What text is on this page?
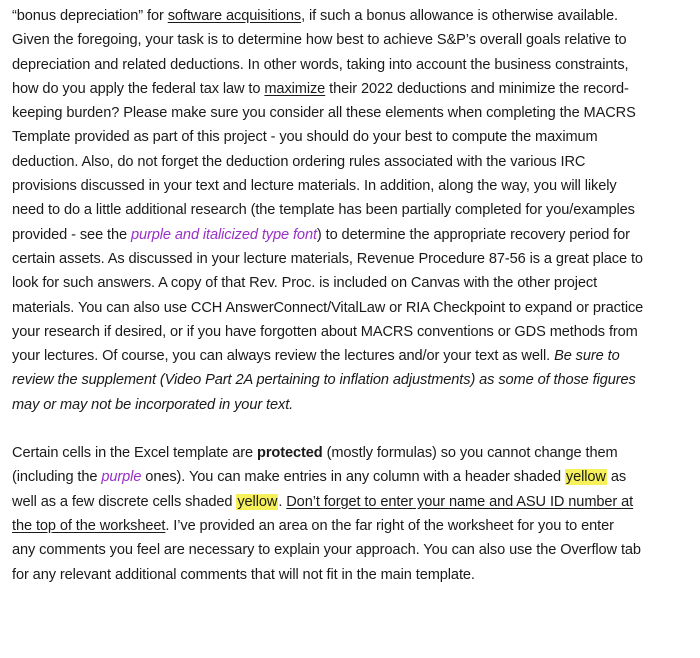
“bonus depreciation” for software acquisitions, if such a bonus allowance is otherwise available.
Given the foregoing, your task is to determine how best to achieve S&P’s overall goals relative to
depreciation and related deductions. In other words, taking into account the business constraints,
how do you apply the federal tax law to maximize their 2022 deductions and minimize the record-
keeping burden? Please make sure you consider all these elements when completing the MACRS
Template provided as part of this project - you should do your best to compute the maximum
deduction. Also, do not forget the deduction ordering rules associated with the various IRC
provisions discussed in your text and lecture materials. In addition, along the way, you will likely
need to do a little additional research (the template has been partially completed for you/examples
provided - see the purple and italicized type font) to determine the appropriate recovery period for
certain assets. As discussed in your lecture materials, Revenue Procedure 87-56 is a great place to
look for such answers. A copy of that Rev. Proc. is included on Canvas with the other project
materials. You can also use CCH AnswerConnect/VitalLaw or RIA Checkpoint to expand or practice
your research if desired, or if you have forgotten about MACRS conventions or GDS methods from
your lectures. Of course, you can always review the lectures and/or your text as well. Be sure to
review the supplement (Video Part 2A pertaining to inflation adjustments) as some of those figures
may or may not be incorporated in your text.
Certain cells in the Excel template are protected (mostly formulas) so you cannot change them
(including the purple ones). You can make entries in any column with a header shaded yellow as
well as a few discrete cells shaded yellow. Don’t forget to enter your name and ASU ID number at
the top of the worksheet. I’ve provided an area on the far right of the worksheet for you to enter
any comments you feel are necessary to explain your approach. You can also use the Overflow tab
for any relevant additional comments that will not fit in the main template.
